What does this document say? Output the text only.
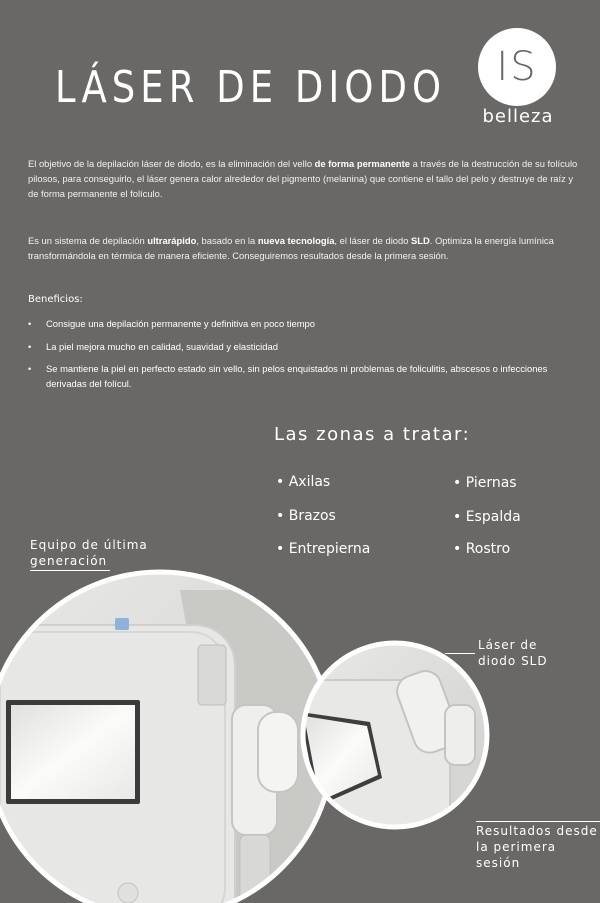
LÁSER DE DIODO IS
belleza
El objetivo de la depilación láser de diodo, es la eliminación del vello de forma permanente a través de la destrucción de su folículo pilosos, para conseguirlo, el láser genera calor alrededor del pigmento (melanina) que contiene el tallo del pelo y destruye de raíz y de forma permanente el folículo.
Es un sistema de depilación ultrarápido, basado en la nueva tecnología, el láser de diodo SLD. Optimiza la energía lumínica transformándola en térmica de manera eficiente. Conseguiremos resultados desde la primera sesión.
Beneficios:
• Consigue una depilación permanente y definitiva en poco tiempo
• La piel mejora mucho en calidad, suavidad y elasticidad
• Se mantiene la piel en perfecto estado sin vello, sin pelos enquistados ni problemas de foliculitis, abscesos o infecciones derivadas del folícul.
Las zonas a tratar:
• Axilas
• Brazos
• Entrepierna
• Piernas
• Espalda
• Rostro
Equipo de última
generación
Láser de
diodo SLD
Resultados desde
la perimera sesión
